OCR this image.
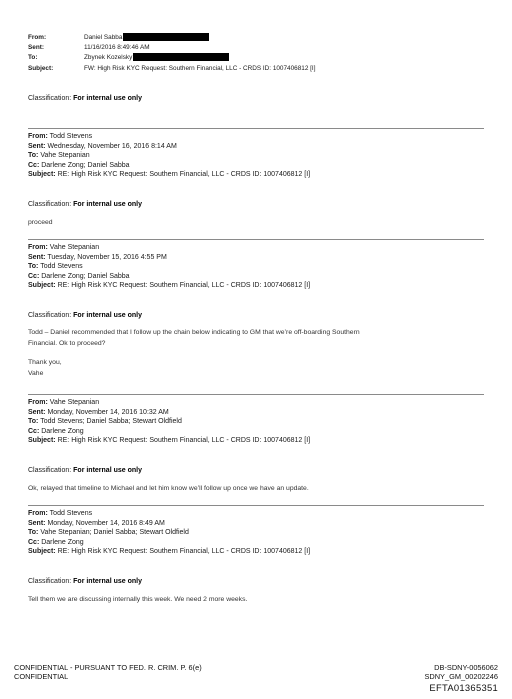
From:	Daniel Sabba
Sent:	11/16/2016 8:49:46 AM
To:	Zbynek Kozelsky
Subject:	FW: High Risk KYC Request: Southern Financial, LLC - CRDS ID: 1007406812 [I]
Classification: For internal use only
From: Todd Stevens
Sent: Wednesday, November 16, 2016 8:14 AM
To: Vahe Stepanian
Cc: Darlene Zong; Daniel Sabba
Subject: RE: High Risk KYC Request: Southern Financial, LLC - CRDS ID: 1007406812 [I]
Classification: For internal use only
proceed
From: Vahe Stepanian
Sent: Tuesday, November 15, 2016 4:55 PM
To: Todd Stevens
Cc: Darlene Zong; Daniel Sabba
Subject: RE: High Risk KYC Request: Southern Financial, LLC - CRDS ID: 1007406812 [I]
Classification: For internal use only
Todd – Daniel recommended that I follow up the chain below indicating to GM that we’re off-boarding Southern
Financial. Ok to proceed?
Thank you,
Vahe
From: Vahe Stepanian
Sent: Monday, November 14, 2016 10:32 AM
To: Todd Stevens; Daniel Sabba; Stewart Oldfield
Cc: Darlene Zong
Subject: RE: High Risk KYC Request: Southern Financial, LLC - CRDS ID: 1007406812 [I]
Classification: For internal use only
Ok, relayed that timeline to Michael and let him know we’ll follow up once we have an update.
From: Todd Stevens
Sent: Monday, November 14, 2016 8:49 AM
To: Vahe Stepanian; Daniel Sabba; Stewart Oldfield
Cc: Darlene Zong
Subject: RE: High Risk KYC Request: Southern Financial, LLC - CRDS ID: 1007406812 [I]
Classification: For internal use only
Tell them we are discussing internally this week. We need 2 more weeks.
CONFIDENTIAL - PURSUANT TO FED. R. CRIM. P. 6(e)
CONFIDENTIAL
DB-SDNY-0056062
SDNY_GM_00202246
EFTA01365351
